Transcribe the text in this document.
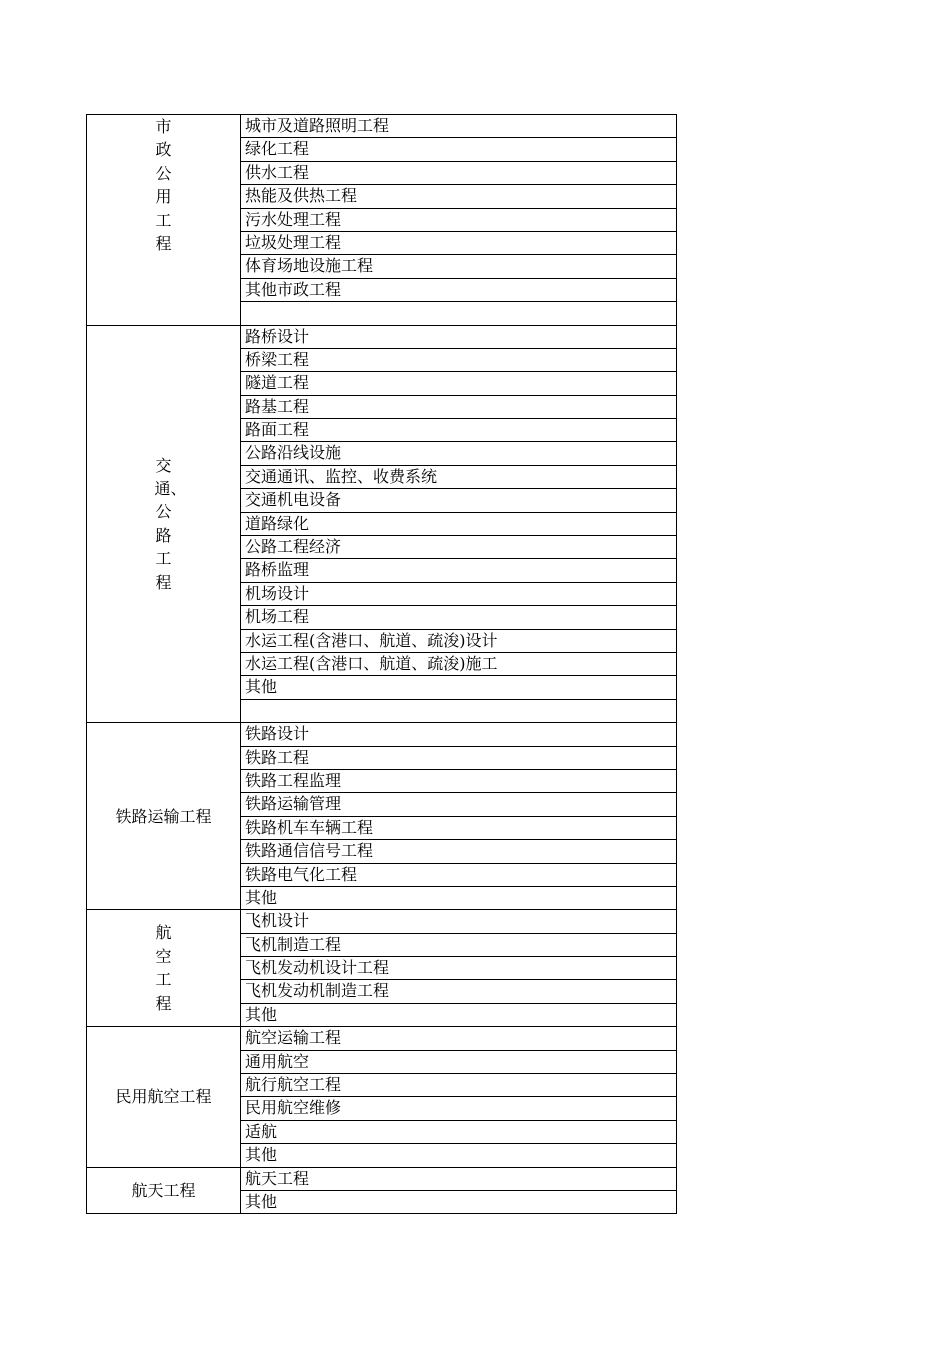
市政公用工程
城市及道路照明工程
绿化工程
供水工程
热能及供热工程
污水处理工程
垃圾处理工程
体育场地设施工程
其他市政工程
交通、公路工程
路桥设计
桥梁工程
隧道工程
路基工程
路面工程
公路沿线设施
交通通讯、监控、收费系统
交通机电设备
道路绿化
公路工程经济
路桥监理
机场设计
机场工程
水运工程(含港口、航道、疏浚)设计
水运工程(含港口、航道、疏浚)施工
其他
铁路运输工程
铁路设计
铁路工程
铁路工程监理
铁路运输管理
铁路机车车辆工程
铁路通信信号工程
铁路电气化工程
其他
航空工程
飞机设计
飞机制造工程
飞机发动机设计工程
飞机发动机制造工程
其他
民用航空工程
航空运输工程
通用航空
航行航空工程
民用航空维修
适航
其他
航天工程
航天工程
其他
